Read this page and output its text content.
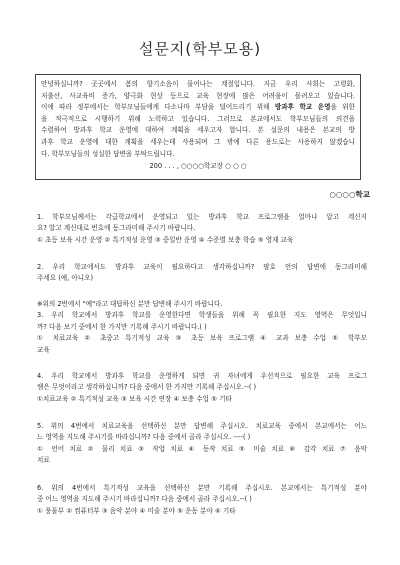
설문지(학부모용)
안녕하십니까? 곳곳에서 봄의 향기소음이 물어나는 계절입니다. 지금 우리 사회는 고령화,
저출산, 사교육비 증가, 양극화 현상 등으로 교육 현장에 많은 어려움이 몰려오고 있습니다.
이에 따라 정부에서는 학부모님들에게 다소나마 부담을 덜어드리기 위해 방과후 학교 운영을 위한
을 적극적으로 시행하기 위해 노력하고 있습니다. 그러므로 본교에서도 학부모님들의 의견을
수렴하여 방과후 학교 운영에 대하여 계획을 세우고자 합니다. 본 설문의 내용은 본교의 방
과후 학교 운영에 대한 계획을 세우는데 사용되며 그 밖에 다른 용도로는 사용하지 않겠습니
다. 학부모님들의 성실한 답변을 부탁드립니다.
200 . . . , ○○○○학교장 ○ ○ ○
○○○○학교
1. 학부모님께서는 각급학교에서 운영되고 있는 방과후 학교 프로그램을 얼마나 알고 계신지
요? 알고 계신대로 번호에 동그라미해 주시기 바랍니다.
① 초등 보육 시간 운영 ② 특기적성 운영 ③ 중일반 운영 ④ 수준별 보충 학습 ⑤ 영재 교육
2. 우리 학교에서도 방과후 교육이 필요하다고 생각하십니까? 팔호 안의 답변에 동그라미해
주세요 (예, 아니오)
※위의 2번에서 "예"라고 대답하신 분만 답변해 주시기 바랍니다.
3. 우리 학교에서 방과후 학교를 운영한다면 학생들을 위해 꼭 필요한 지도 영역은 무엇입니
까? 다음 보기 중에서 한 가지만 기록해 주시기 바랍니다.( )
① 치료교육 ② 초중고 특기적성 교육 ③ 초등 보육 프로그램 ④ 교과 보충 수업 ⑤ 학부모
교육
4. 우리 학교에서 방과후 학교를 운영하게 되면 귀 자녀에게 우선적으로 필요한 교육 프로그
램은 무엇이라고 생각하십니까? 다음 중에서 한 가지만 기록해 주십시오.--( )
①치료교육 ② 특기적성 교육 ③ 보육 시간 연장 ④ 보충 수업 ⑤ 기타
5. 위의 4번에서 치료교육을 선택하신 분만 답변해 주십시오. 치료교육 중에서 본교에서는 어느
느 영역을 지도해 주시기를 바라십니까? 다음 중에서 골라 주십시오. ----( )
① 언어 치료 ② 물리 치료 ③ 작업 치료 ④ 동작 치료 ⑤ 미술 치료 ⑥ 감각 치료 ⑦ 음악
치료
6. 위의 4번에서 특기적성 교육을 선택하신 분만 기록해 주십시오. 본교에서는 특기적성 분야
중 어느 영역을 지도해 주시기 바라십니까? 다음 중에서 골라 주십시오.--( )
① 풍물부 ② 컴퓨터부 ③ 음악 분야 ④ 미술 분야 ⑤ 운동 분야 ⑥ 기타
